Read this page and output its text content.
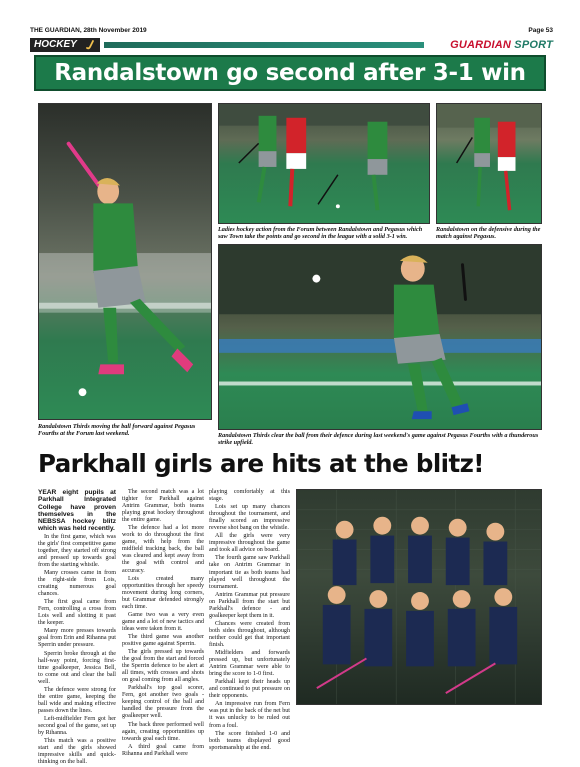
THE GUARDIAN, 28th November 2019	Page 53
HOCKEY	GUARDIAN SPORT
Randalstown go second after 3-1 win
Randalstown Thirds moving the ball forward against Pegasus Fourths at the Forum last weekend.
Ladies hockey action from the Forum between Randalstown and Pegasus which saw Town take the points and go second in the league with a solid 3-1 win.
Randalstown on the defensive during the match against Pegasus.
Randalstown Thirds clear the ball from their defence during last weekend's game against Pegasus Fourths with a thunderous strike upfield.
Parkhall girls are hits at the blitz!

YEAR eight pupils at Parkhall Integrated College have proven themselves in the NEBSSA hockey blitz which was held recently.

In the first game, which was the girls' first competitive game together, they started off strong and pressed up towards goal from the starting whistle.

Many crosses came in from the right-side from Lois, creating numerous goal chances.

The first goal came from Fern, controlling a cross from Lois well and slotting it past the keeper.

Many more presses towards goal from Erin and Rihanna put Sperrin under pressure.

Sperrin broke through at the half-way point, forcing first-time goalkeeper, Jessica Bell, to come out and clear the ball well.

The defence were strong for the entire game, keeping the ball wide and making effective passes down the lines.

Left-midfielder Fern got her second goal of the game, set up by Rihanna.

This match was a positive start and the girls showed impressive skills and quick-thinking on the ball.

The second match was a lot tighter for Parkhall against Antrim Grammar, both teams playing great hockey throughout the entire game.

The defence had a lot more work to do throughout the first game, with help from the midfield tracking back, the ball was cleared and kept away from the goal with control and accuracy.

Lois created many opportunities through her speedy movement during long corners, but Grammar defended strongly each time.

Game two was a very even game and a lot of new tactics and ideas were taken from it.

The third game was another positive game against Sperrin.

The girls pressed up towards the goal from the start and forced the Sperrin defence to be alert at all times, with crosses and shots on goal coming from all angles.

Parkhall's top goal scorer, Fern, got another two goals - keeping control of the ball and handled the pressure from the goalkeeper well.

The back three performed well again, creating opportunities up towards goal each time.

A third goal came from Rihanna and Parkhall were

playing comfortably at this stage.

Lois set up many chances throughout the tournament, and finally scored an impressive reverse shot bang on the whistle.

All the girls were very impressive throughout the game and took all advice on board.

The fourth game saw Parkhall take on Antrim Grammar in important tie as both teams had played well throughout the tournament.

Antrim Grammar put pressure on Parkhall from the start but Parkhall's defence - and goalkeeper kept them in it.

Chances were created from both sides throughout, although neither could get that important finish.

Midfielders and forwards pressed up, but unfortunately Antrim Grammar were able to bring the score to 1-0 first.

Parkhall kept their heads up and continued to put pressure on their opponents.

An impressive run from Fern was put in the back of the net but it was unlucky to be ruled out from a foul.

The score finished 1-0 and both teams displayed good sportsmanship at the end.
